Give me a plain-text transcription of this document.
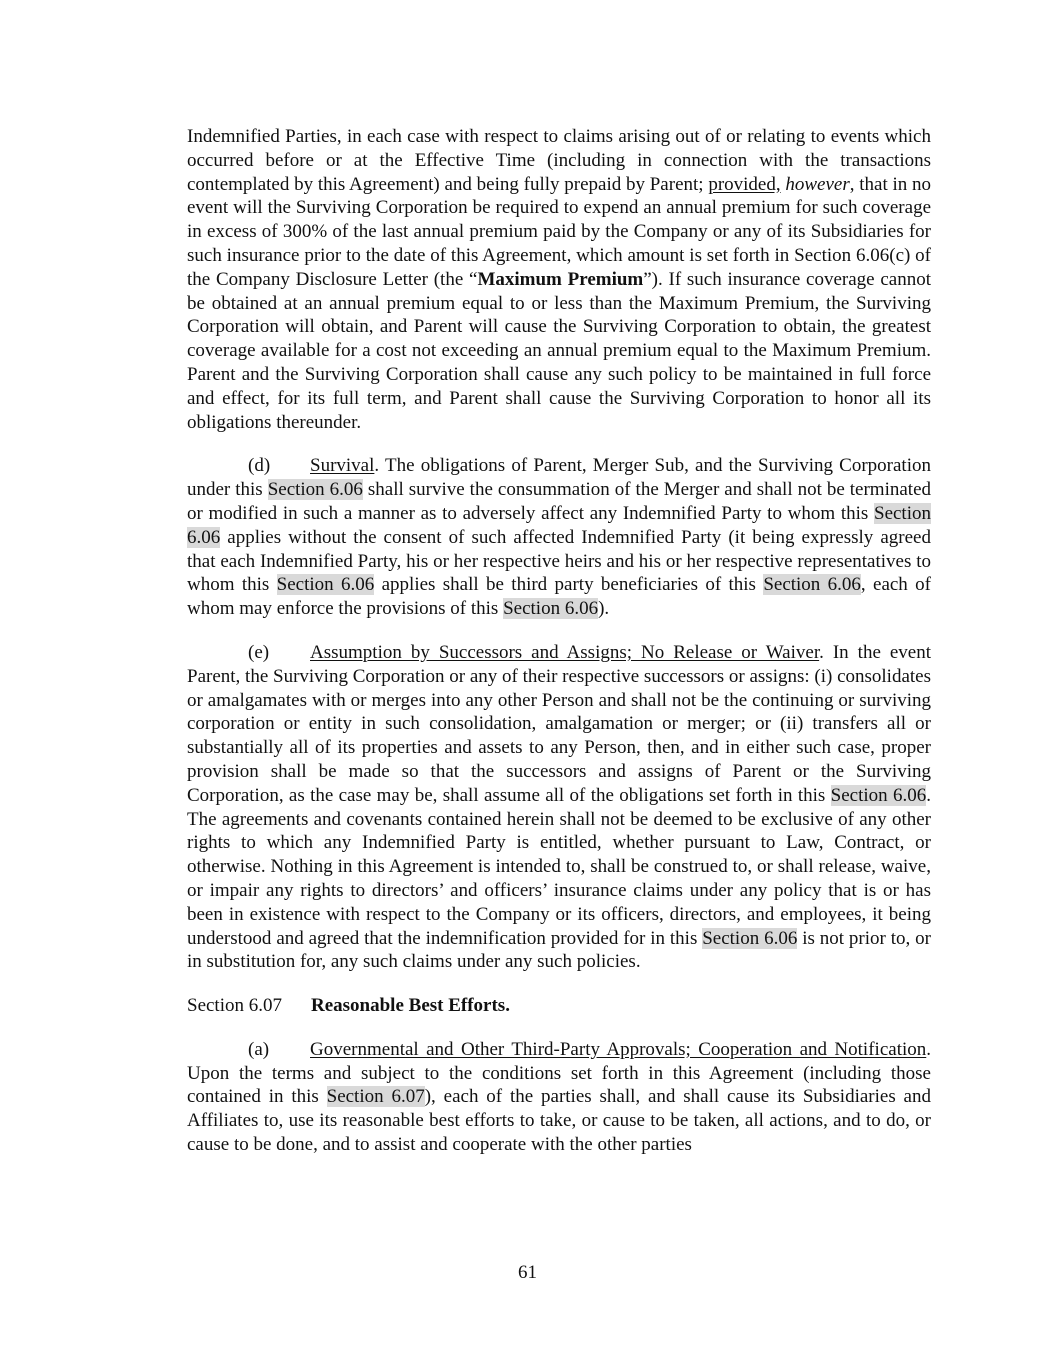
Indemnified Parties, in each case with respect to claims arising out of or relating to events which occurred before or at the Effective Time (including in connection with the transactions contemplated by this Agreement) and being fully prepaid by Parent; provided, however, that in no event will the Surviving Corporation be required to expend an annual premium for such coverage in excess of 300% of the last annual premium paid by the Company or any of its Subsidiaries for such insurance prior to the date of this Agreement, which amount is set forth in Section 6.06(c) of the Company Disclosure Letter (the “Maximum Premium”). If such insurance coverage cannot be obtained at an annual premium equal to or less than the Maximum Premium, the Surviving Corporation will obtain, and Parent will cause the Surviving Corporation to obtain, the greatest coverage available for a cost not exceeding an annual premium equal to the Maximum Premium. Parent and the Surviving Corporation shall cause any such policy to be maintained in full force and effect, for its full term, and Parent shall cause the Surviving Corporation to honor all its obligations thereunder.

(d) Survival. The obligations of Parent, Merger Sub, and the Surviving Corporation under this Section 6.06 shall survive the consummation of the Merger and shall not be terminated or modified in such a manner as to adversely affect any Indemnified Party to whom this Section 6.06 applies without the consent of such affected Indemnified Party (it being expressly agreed that each Indemnified Party, his or her respective heirs and his or her respective representatives to whom this Section 6.06 applies shall be third party beneficiaries of this Section 6.06, each of whom may enforce the provisions of this Section 6.06).

(e) Assumption by Successors and Assigns; No Release or Waiver. In the event Parent, the Surviving Corporation or any of their respective successors or assigns: (i) consolidates or amalgamates with or merges into any other Person and shall not be the continuing or surviving corporation or entity in such consolidation, amalgamation or merger; or (ii) transfers all or substantially all of its properties and assets to any Person, then, and in either such case, proper provision shall be made so that the successors and assigns of Parent or the Surviving Corporation, as the case may be, shall assume all of the obligations set forth in this Section 6.06. The agreements and covenants contained herein shall not be deemed to be exclusive of any other rights to which any Indemnified Party is entitled, whether pursuant to Law, Contract, or otherwise. Nothing in this Agreement is intended to, shall be construed to, or shall release, waive, or impair any rights to directors’ and officers’ insurance claims under any policy that is or has been in existence with respect to the Company or its officers, directors, and employees, it being understood and agreed that the indemnification provided for in this Section 6.06 is not prior to, or in substitution for, any such claims under any such policies.

Section 6.07 Reasonable Best Efforts.

(a) Governmental and Other Third-Party Approvals; Cooperation and Notification. Upon the terms and subject to the conditions set forth in this Agreement (including those contained in this Section 6.07), each of the parties shall, and shall cause its Subsidiaries and Affiliates to, use its reasonable best efforts to take, or cause to be taken, all actions, and to do, or cause to be done, and to assist and cooperate with the other parties

61
